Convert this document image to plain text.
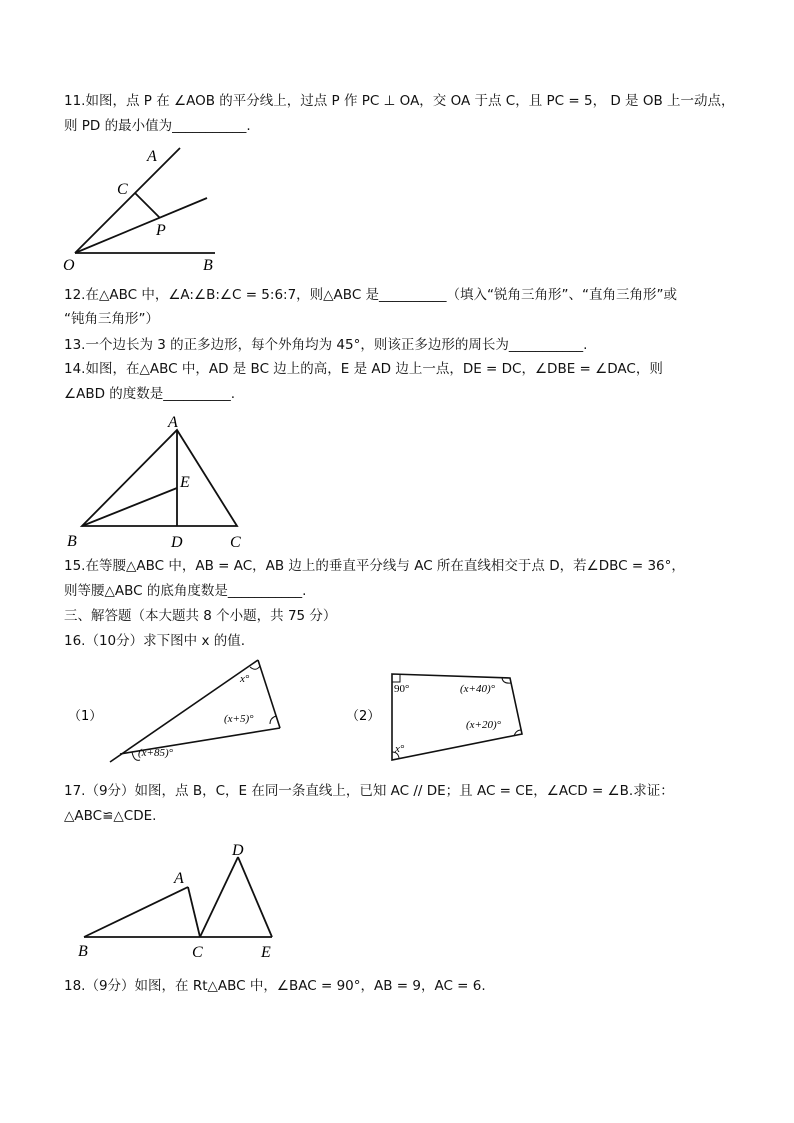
11.如图，点 P 在 ∠AOB 的平分线上，过点 P 作 PC ⊥ OA，交 OA 于点 C，且 PC = 5， D 是 OB 上一动点，
则 PD 的最小值为___________.
A
C
P
O	B
12.在△ABC 中，∠A:∠B:∠C = 5:6:7，则△ABC 是__________（填入“锐角三角形”、“直角三角形”或
“钝角三角形”）
13.一个边长为 3 的正多边形，每个外角均为 45°，则该正多边形的周长为___________.
14.如图，在△ABC 中，AD 是 BC 边上的高，E 是 AD 边上一点，DE = DC，∠DBE = ∠DAC，则
∠ABD 的度数是__________.
A
E
B	D	C
15.在等腰△ABC 中，AB = AC，AB 边上的垂直平分线与 AC 所在直线相交于点 D，若∠DBC = 36°，
则等腰△ABC 的底角度数是___________.
三、解答题（本大题共 8 个小题，共 75 分）
16.（10分）求下图中 x 的值.
（1）
x°
(x+5)°
(x+85)°
（2）
90°	(x+40)°
(x+20)°
x°
17.（9分）如图，点 B，C，E 在同一条直线上，已知 AC // DE；且 AC = CE，∠ACD = ∠B.求证：
△ABC≌△CDE.
D
A
B	C	E
18.（9分）如图，在 Rt△ABC 中，∠BAC = 90°，AB = 9，AC = 6.
